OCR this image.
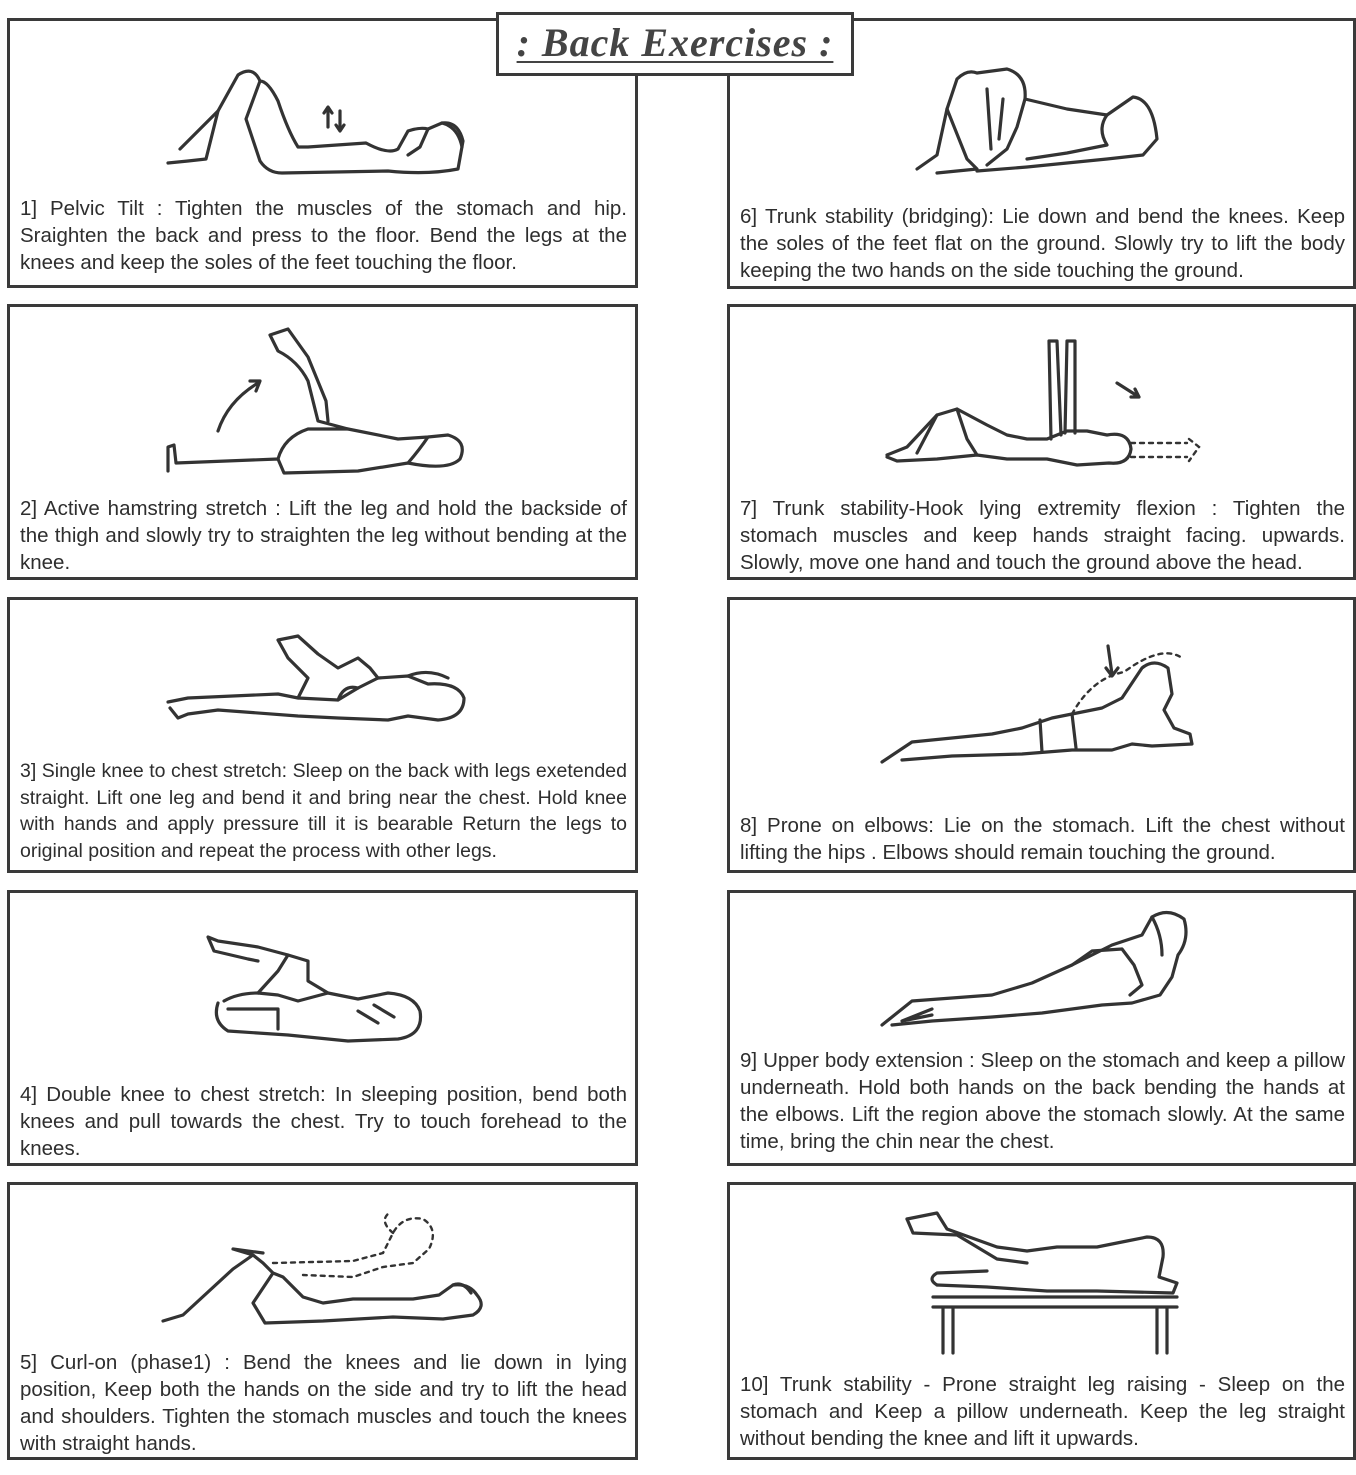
: Back Exercises :
1] Pelvic Tilt : Tighten the muscles of the stomach and hip. Sraighten the back and press to the floor. Bend the legs at the knees and keep the soles of the feet touching the floor.
2] Active hamstring stretch : Lift the leg and hold the backside of the thigh and slowly try to straighten the leg without bending at the knee.
3] Single knee to chest stretch: Sleep on the back with legs exetended straight. Lift one leg and bend it and bring near the chest. Hold knee with hands and apply pressure till it is bearable Return the legs to original position and repeat the process with other legs.
4] Double knee to chest stretch: In sleeping position, bend both knees and pull towards the chest. Try to touch forehead to the knees.
5] Curl-on (phase1) : Bend the knees and lie down in lying position, Keep both the hands on the side and try to lift the head and shoulders. Tighten the stomach muscles and touch the knees with straight hands.
6] Trunk stability (bridging): Lie down and bend the knees. Keep the soles of the feet flat on the ground. Slowly try to lift the body keeping the two hands on the side touching the ground.
7] Trunk stability-Hook lying extremity flexion : Tighten the stomach muscles and keep hands straight facing. upwards. Slowly, move one hand and touch the ground above the head.
8] Prone on elbows: Lie on the stomach. Lift the chest without lifting the hips . Elbows should remain touching the ground.
9] Upper body extension : Sleep on the stomach and keep a pillow underneath. Hold both hands on the back bending the hands at the elbows. Lift the region above the stomach slowly. At the same time, bring the chin near the chest.
10] Trunk stability - Prone straight leg raising - Sleep on the stomach and Keep a pillow underneath. Keep the leg straight without bending the knee and lift it upwards.
